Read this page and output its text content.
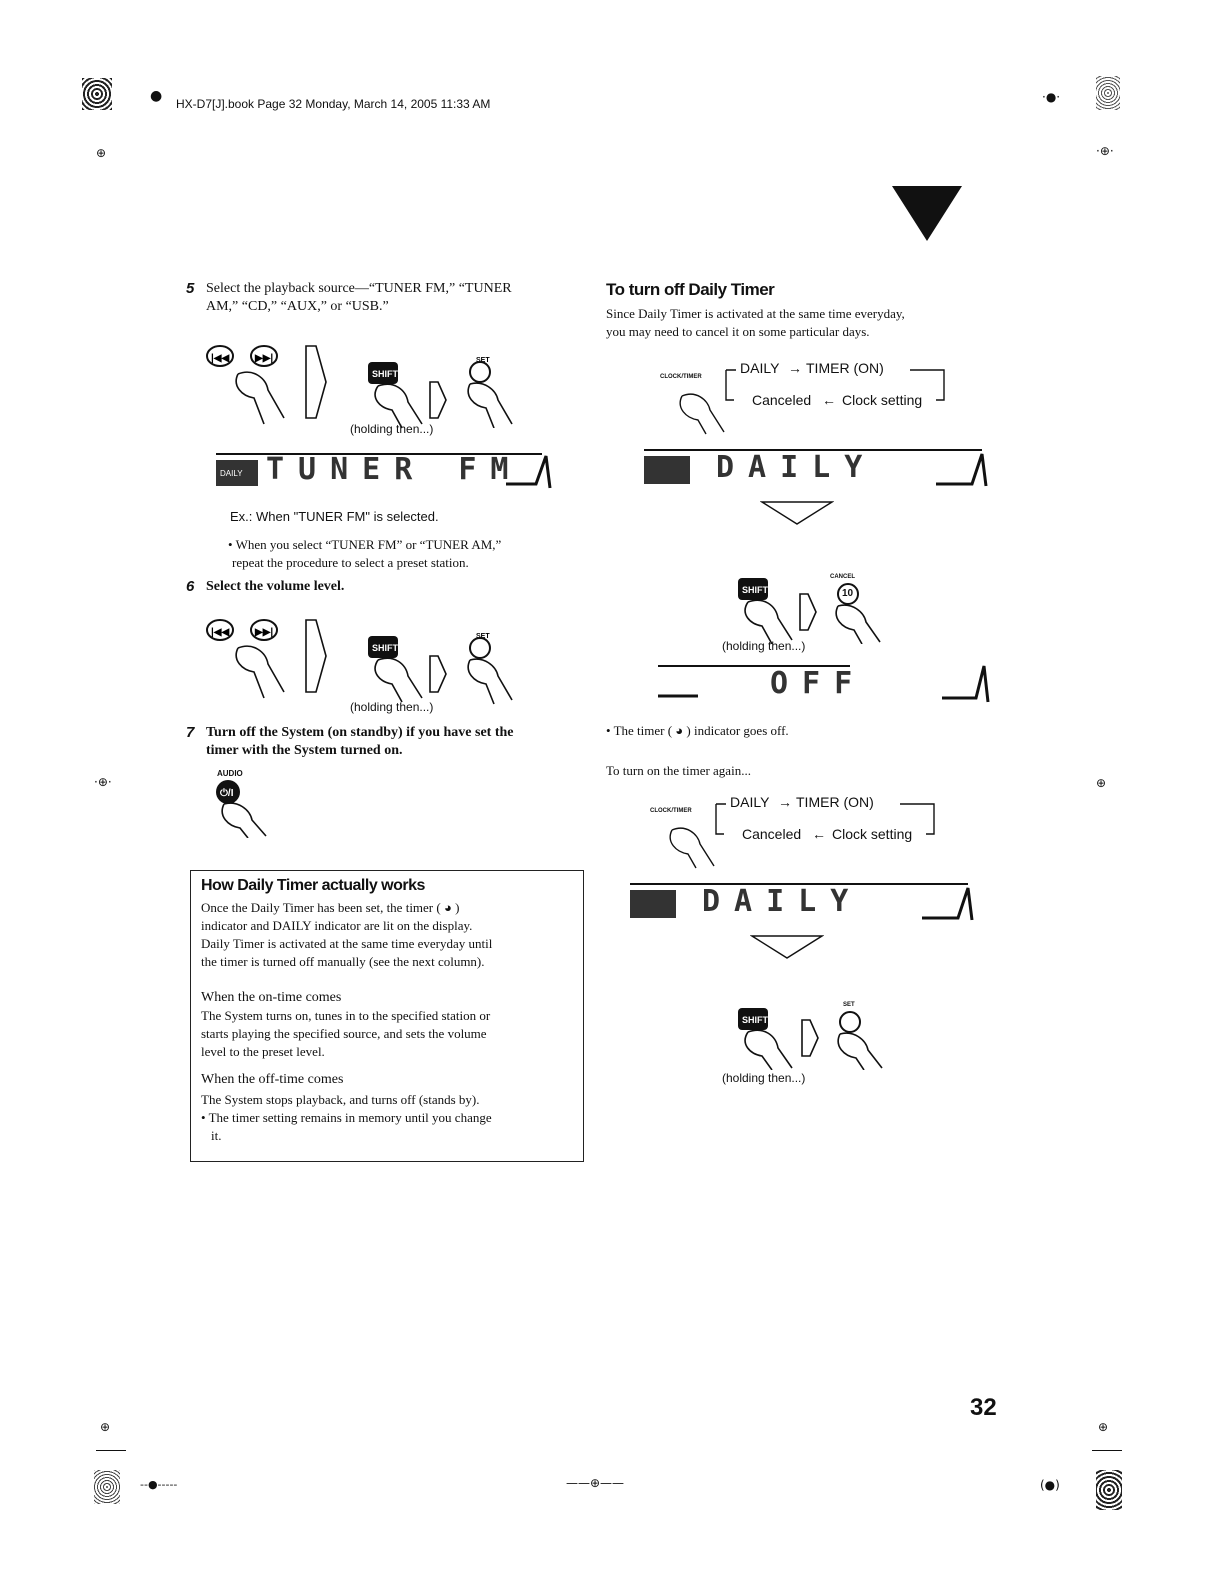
● HX-D7[J].book Page 32 Monday, March 14, 2005 11:33 AM
⊕
·●·
·⊕·
5 Select the playback source—“TUNER FM,” “TUNER
AM,” “CD,” “AUX,” or “USB.”
|◀◀	▶▶|
SHIFT
SET
(holding then...)
DAILY TUNER FM
Ex.: When "TUNER FM" is selected.
• When you select “TUNER FM” or “TUNER AM,”
repeat the procedure to select a preset station.
6 Select the volume level.
|◀◀	▶▶|
SHIFT
SET
(holding then...)
7 Turn off the System (on standby) if you have set the
timer with the System turned on.
AUDIO
⏻/I
How Daily Timer actually works
Once the Daily Timer has been set, the timer ( ◕ )
indicator and DAILY indicator are lit on the display.
Daily Timer is activated at the same time everyday until
the timer is turned off manually (see the next column).
When the on-time comes
The System turns on, tunes in to the specified station or
starts playing the specified source, and sets the volume
level to the preset level.
When the off-time comes
The System stops playback, and turns off (stands by).
• The timer setting remains in memory until you change
it.
To turn off Daily Timer
Since Daily Timer is activated at the same time everyday,
you may need to cancel it on some particular days.
CLOCK/TIMER
DAILY → TIMER (ON)
Canceled ← Clock setting
DAILY
SHIFT
CANCEL
10
(holding then...)
OFF
• The timer ( ◕ ) indicator goes off.
To turn on the timer again...
CLOCK/TIMER
DAILY → TIMER (ON)
Canceled ← Clock setting
DAILY
SHIFT
SET
(holding then...)
·⊕·	⊕
32
⊕
--●-----	——⊕——
⊕
(●)
